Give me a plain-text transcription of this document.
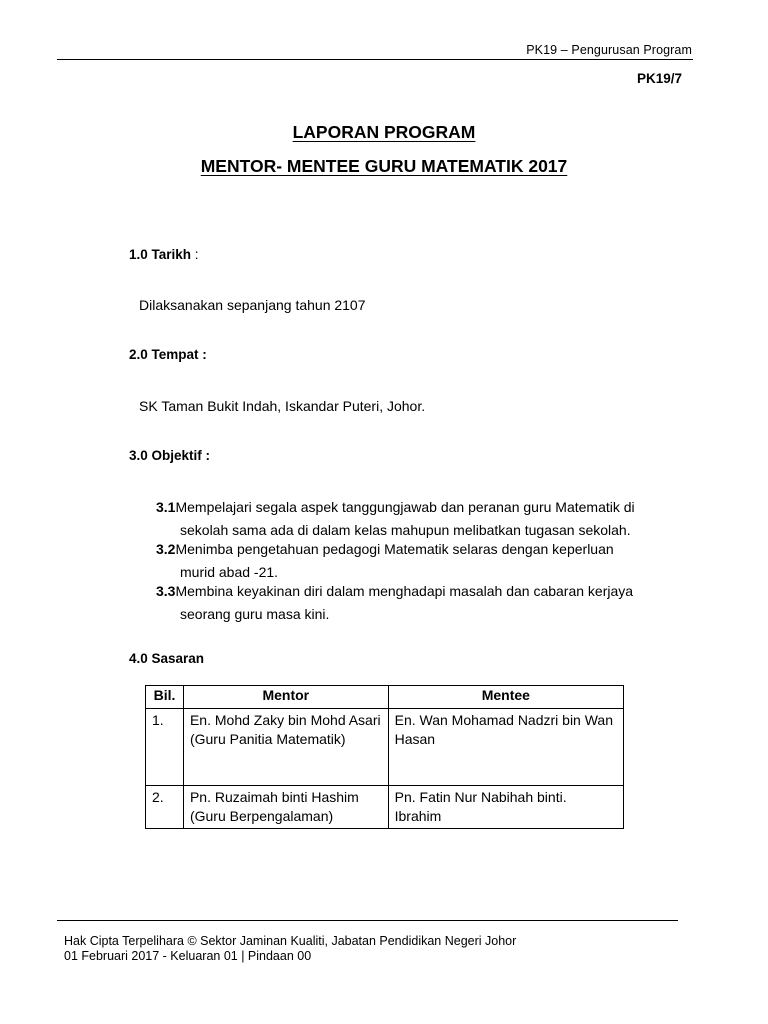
PK19 – Pengurusan Program
PK19/7
LAPORAN PROGRAM
MENTOR- MENTEE GURU MATEMATIK 2017
1.0 Tarikh :
Dilaksanakan sepanjang tahun 2107
2.0 Tempat :
SK Taman Bukit Indah, Iskandar Puteri, Johor.
3.0 Objektif :
3.1Mempelajari segala aspek tanggungjawab dan peranan guru Matematik di
sekolah sama ada di dalam kelas mahupun melibatkan tugasan sekolah.
3.2Menimba pengetahuan pedagogi Matematik selaras dengan keperluan
murid abad -21.
3.3Membina keyakinan diri dalam menghadapi masalah dan cabaran kerjaya
seorang guru masa kini.
4.0 Sasaran
Bil.	Mentor	Mentee
1.	En. Mohd Zaky bin Mohd Asari (Guru Panitia Matematik)	En. Wan Mohamad Nadzri bin Wan Hasan
2.	Pn. Ruzaimah binti Hashim (Guru Berpengalaman)	Pn. Fatin Nur Nabihah binti. Ibrahim
Hak Cipta Terpelihara © Sektor Jaminan Kualiti, Jabatan Pendidikan Negeri Johor
01 Februari 2017 - Keluaran 01 | Pindaan 00
